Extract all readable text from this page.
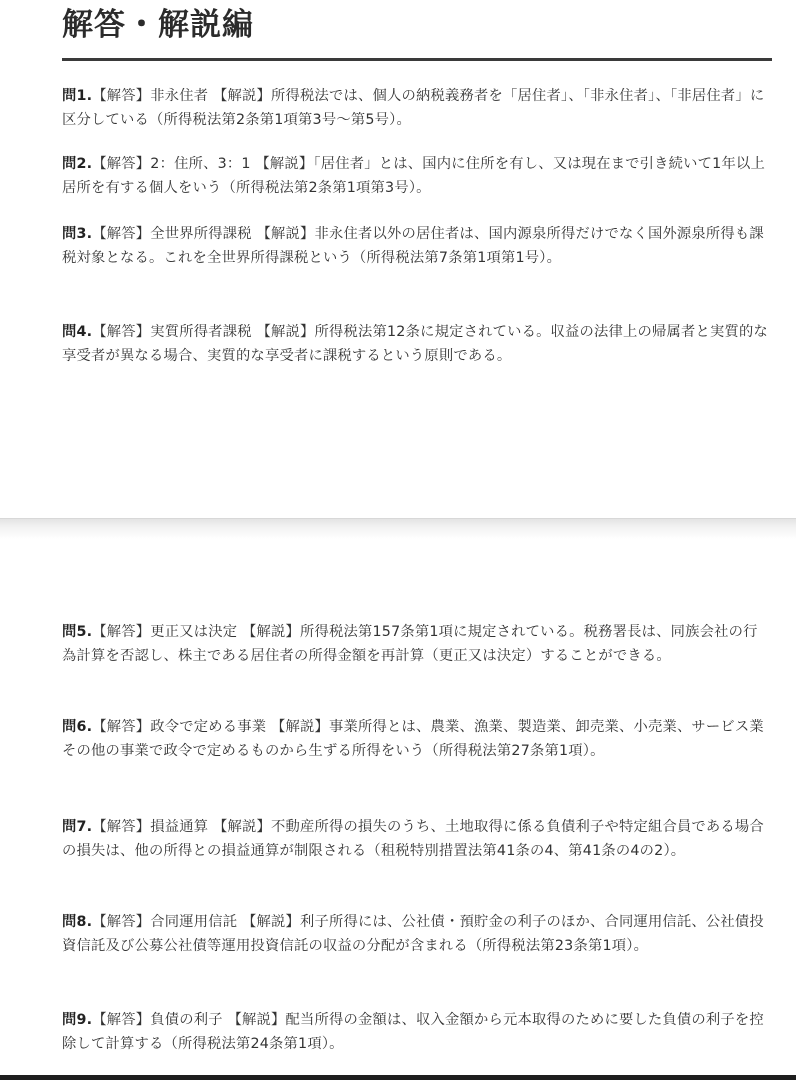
解答・解説編
問1.【解答】非永住者 【解説】所得税法では、個人の納税義務者を「居住者」、「非永住者」、「非居住者」に区分している（所得税法第2条第1項第3号〜第5号）。
問2.【解答】2：住所、3：1 【解説】「居住者」とは、国内に住所を有し、又は現在まで引き続いて1年以上居所を有する個人をいう（所得税法第2条第1項第3号）。
問3.【解答】全世界所得課税 【解説】非永住者以外の居住者は、国内源泉所得だけでなく国外源泉所得も課税対象となる。これを全世界所得課税という（所得税法第7条第1項第1号）。
問4.【解答】実質所得者課税 【解説】所得税法第12条に規定されている。収益の法律上の帰属者と実質的な享受者が異なる場合、実質的な享受者に課税するという原則である。
問5.【解答】更正又は決定 【解説】所得税法第157条第1項に規定されている。税務署長は、同族会社の行為計算を否認し、株主である居住者の所得金額を再計算（更正又は決定）することができる。
問6.【解答】政令で定める事業 【解説】事業所得とは、農業、漁業、製造業、卸売業、小売業、サービス業その他の事業で政令で定めるものから生ずる所得をいう（所得税法第27条第1項）。
問7.【解答】損益通算 【解説】不動産所得の損失のうち、土地取得に係る負債利子や特定組合員である場合の損失は、他の所得との損益通算が制限される（租税特別措置法第41条の4、第41条の4の2）。
問8.【解答】合同運用信託 【解説】利子所得には、公社債・預貯金の利子のほか、合同運用信託、公社債投資信託及び公募公社債等運用投資信託の収益の分配が含まれる（所得税法第23条第1項）。
問9.【解答】負債の利子 【解説】配当所得の金額は、収入金額から元本取得のために要した負債の利子を控除して計算する（所得税法第24条第1項）。
